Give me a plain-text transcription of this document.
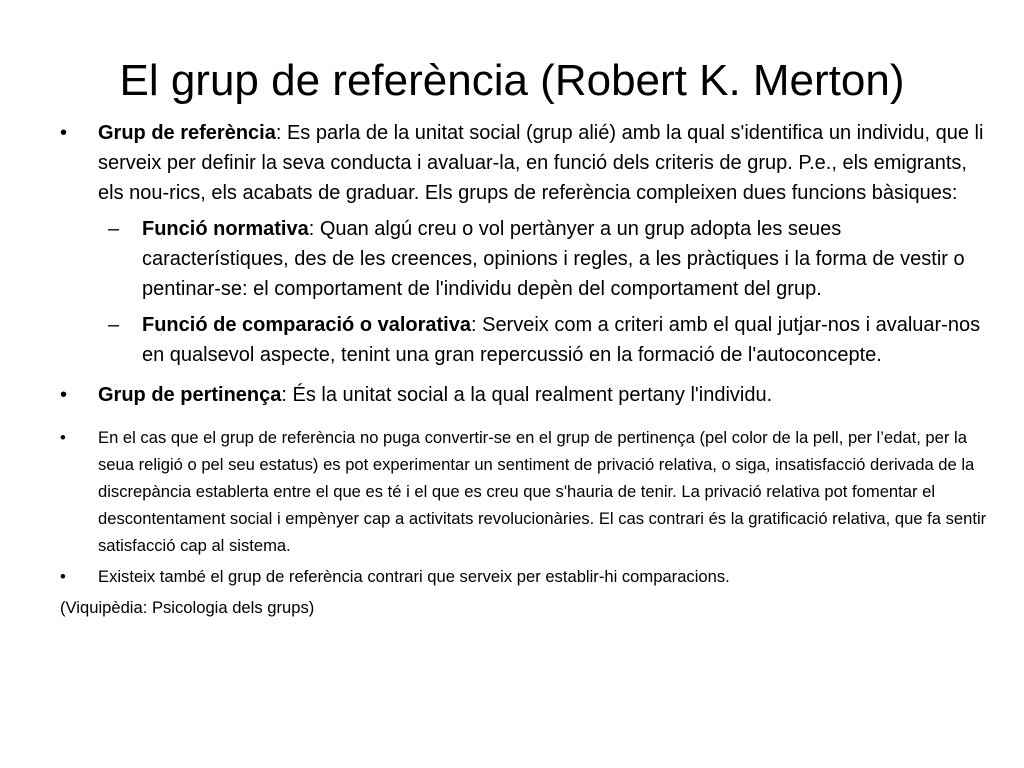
El grup de referència (Robert K. Merton)
• Grup de referència: Es parla de la unitat social (grup alié) amb la qual s'identifica un individu, que li serveix per definir la seva conducta i avaluar-la, en funció dels criteris de grup. P.e., els emigrants, els nou-rics, els acabats de graduar. Els grups de referència compleixen dues funcions bàsiques:
– Funció normativa: Quan algú creu o vol pertànyer a un grup adopta les seues característiques, des de les creences, opinions i regles, a les pràctiques i la forma de vestir o pentinar-se: el comportament de l'individu depèn del comportament del grup.
– Funció de comparació o valorativa: Serveix com a criteri amb el qual jutjar-nos i avaluar-nos en qualsevol aspecte, tenint una gran repercussió en la formació de l'autoconcepte.
• Grup de pertinença: És la unitat social a la qual realment pertany l'individu.
• En el cas que el grup de referència no puga convertir-se en el grup de pertinença (pel color de la pell, per l’edat, per la seua religió o pel seu estatus) es pot experimentar un sentiment de privació relativa, o siga, insatisfacció derivada de la discrepància establerta entre el que es té i el que es creu que s'hauria de tenir. La privació relativa pot fomentar el descontentament social i empènyer cap a activitats revolucionàries. El cas contrari és la gratificació relativa, que fa sentir satisfacció cap al sistema.
• Existeix també el grup de referència contrari que serveix per establir-hi comparacions.
(Viquipèdia: Psicologia dels grups)
